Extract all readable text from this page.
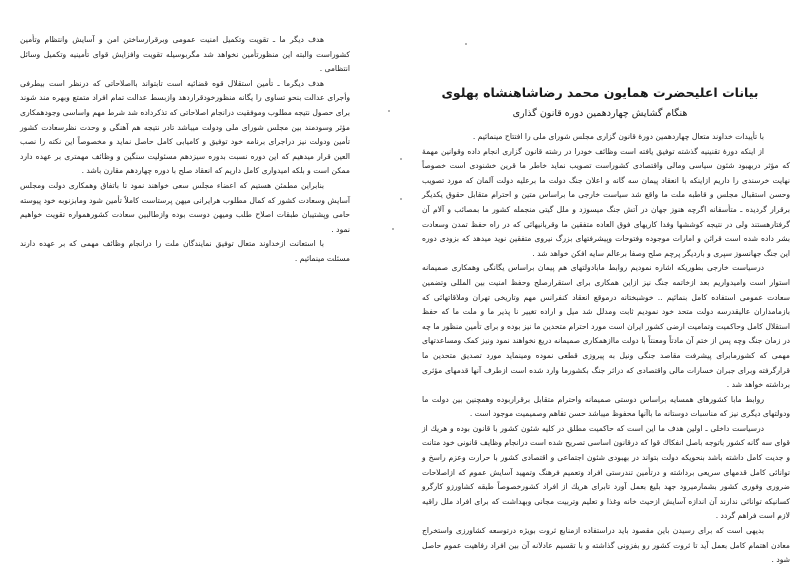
هدف دیگر ما ـ تقویت وتکمیل امنیت عمومی وبرقرارساختن امن و آسایش وانتظام وتأمین کشوراست والبته این منظورتأمین نخواهد شد مگربوسیله تقویت وافزایش قوای تأمینیه وتکمیل وسائل انتظامی .

هدف دیگرما ـ تأمین استقلال قوه قضائیه است تابتواند بااصلاحاتی که درنظر است بیطرفی وأجرای عدالت بنحو تساوی را یگانه منظورخودقراردهد وازبسط عدالت تمام افراد متمتع وبهره مند شوند برای حصول نتیجه مطلوب وموفقیت درانجام اصلاحاتی که تذکرداده شد شرط مهم واساسی وجودهمکاری مؤثر وسودمند بین مجلس شورای ملی ودولت میباشد تادر نتیجه هم آهنگی و وحدت نظرسعادت کشور تأمین ودولت نیز دراجرای برنامه خود توفیق و کامیابی کامل حاصل نماید و مخصوصاً این نکته را نصب العین قرار میدهیم که این دوره نسبت بدوره سیزدهم مسئولیت سنگین و وظائف مهمتری بر عهده دارد ممکن است و بلکه امیدواری کامل داریم که انعقاد صلح با دوره چهاردهم مقارن باشد .

بنابراین مطمئن هستیم که اعضاء مجلس سعی خواهند نمود تا باتفاق وهمکاری دولت ومجلس آسایش وسعادت کشور که کمال مطلوب هرایرانی میهن پرستاست کاملاً تأمین شود ومابزنوبه خود پیوسته حامی وپشتیبان طبقات اصلاح طلب ومیهن دوست بوده وازطالبین سعادت کشورهمواره تقویت خواهیم نمود .

با استعانت ازخداوند متعال توفیق نمایندگان ملت را درانجام وظائف مهمی که بر عهده دارند مسئلت مینمائیم .

بیانات اعلیحضرت همایون محمد رضاشاهنشاه پهلوی
هنگام گشایش چهاردهمین دوره قانون گذاری

با تأییدات خداوند متعال چهاردهمین دورهٔ قانون گزاری مجلس شورای ملی را افتتاح مینمائیم .

از اینکه دورهٔ تقنینیه گذشته توفیق یافته است وظائف خودرا در رشته قانون گزاری انجام داده وقوانین مهمهٔ که مؤثر دربهبود شئون سیاسی ومالی واقتصادی کشوراست تصویب نماید خاطر ما قرین خشنودی است خصوصاً نهایت خرسندی را داریم ازاینکه با انعقاد پیمان سه گانه و اعلان جنگ دولت ما برعلیه دولت آلمان که مورد تصویب وحسن استقبال مجلس و قاطبه ملت ما واقع شد سیاست خارجی ما براساس متین و احترام متقابل حقوق یکدیگر برقرار گردیده ـ متأسفانه اگرچه هنوز جهان در آتش جنگ میسوزد و ملل گیتی منجمله کشور ما بمصائب و آلام آن گرفتارهستند ولی در نتیجه کوششها وفدا کاریهای فوق العاده متفقین ما وقربانیهائی که در راه حفظ تمدن وسعادت بشر داده شده است قرائن و امارات موجوده وفتوحات وپیشرفتهای بزرگ نیروی متفقین نوید میدهد که بزودی دوره این جنگ جهانسوز سپری و باردیگر پرچم صلح وصفا برعالم سایه افکن خواهد شد .

درسیاست خارجی بطوریکه اشاره نمودیم روابط مابادولتهای هم پیمان براساس یگانگی وهمکاری صمیمانه استوار است وامیدواریم بعد ازخاتمه جنگ نیز ازاین همکاری برای استقرارصلح وحفظ امنیت بین المللی وتضمین سعادت عمومی استفاده کامل بنمائیم .. خوشبختانه درموقع انعقاد کنفرانس مهم وتاریخی تهران وملاقاتهائی که بازمامداران عالیقدرسه دولت متحد خود نمودیم ثابت ومدلل شد میل و اراده تغییر نا پذیر ما و ملت ما که حفظ استقلال کامل وحاکمیت وتمامیت ارضی کشور ایران است مورد احترام متحدین ما نیز بوده و برای تأمین منظور ما چه در زمان جنگ وچه پس از ختم آن مادتاً ومعنتاً با دولت ماازهمکاری صمیمانه دریغ نخواهند نمود ونیز کمک ومساعدتهای مهمی که کشورمابرای پیشرفت مقاصد جنگی ونیل به پیروزی قطعی نموده ومینماید مورد تصدیق متحدین ما قرارگرفته وبرای جبران خسارات مالی واقتصادی که دراثر جنگ بکشورما وارد شده است ازطرف آنها قدمهای مؤثری برداشته خواهد شد .

روابط مابا کشورهای همسایه براساس دوستی صمیمانه واحترام متقابل برقراربوده وهمچنین بین دولت ما ودولتهای دیگری نیز که مناسبات دوستانه ما باآنها محفوظ میباشد حسن تفاهم وصمیمیت موجود است .

درسیاست داخلی ـ اولین هدف ما این است که حاکمیت مطلق در کلیه شئون کشور با قانون بوده و هریك از قوای سه گانه کشور باتوجه باصل انفکاك قوا که درقانون اساسی تصریح شده است درانجام وظایف قانونی خود متانت و جدیت کامل داشته باشد بنحویکه دولت بتواند در بهبودی شئون اجتماعی و اقتصادی کشور با حرارت وعزم راسخ و توانائی کامل قدمهای سریعی برداشته و درتأمین تندرستی افراد وتعمیم فرهنگ وتمهید آسایش عموم که ازاصلاحات ضروری وفوری کشور بشمارمیرود جهد بلیغ بعمل آورد تابرای هریك از افراد کشورخصوصاً طبقه کشاورزو کارگرو کسانیکه توانائی ندارند آن اندازه آسایش ازحیث خانه وغذا و تعلیم وتربیت مجانی وبهداشت که برای افراد ملل راقیه لازم است فراهم گردد .

بدیهی است که برای رسیدن باین مقصود باید دراستفاده ازمنابع ثروت بویژه درتوسعه کشاورزی واستخراج معادن اهتمام کامل بعمل آید تا ثروت کشور رو بفزونی گذاشته و با تقسیم عادلانه آن بین افراد رفاهیت عموم حاصل شود .
